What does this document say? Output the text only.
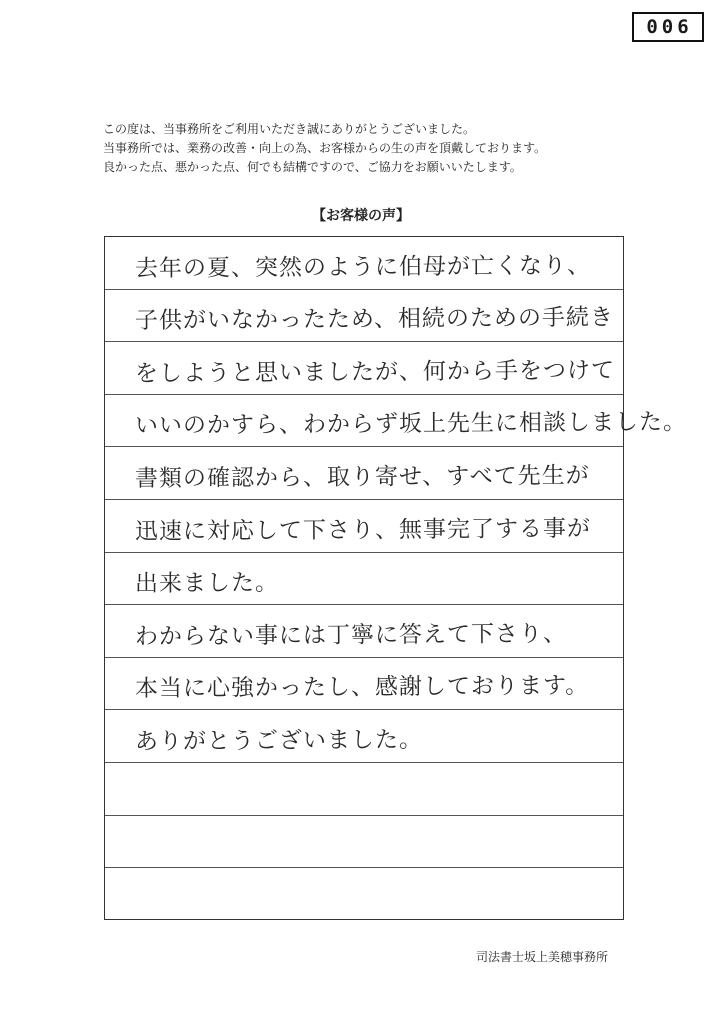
006
この度は、当事務所をご利用いただき誠にありがとうございました。
当事務所では、業務の改善・向上の為、お客様からの生の声を頂戴しております。
良かった点、悪かった点、何でも結構ですので、ご協力をお願いいたします。
【お客様の声】
去年の夏、突然のように伯母が亡くなり、
子供がいなかったため、相続のための手続き
をしようと思いましたが、何から手をつけて
いいのかすら、わからず坂上先生に相談しました。
書類の確認から、取り寄せ、すべて先生が
迅速に対応して下さり、無事完了する事が
出来ました。
わからない事には丁寧に答えて下さり、
本当に心強かったし、感謝しております。
ありがとうございました。
司法書士坂上美穂事務所
